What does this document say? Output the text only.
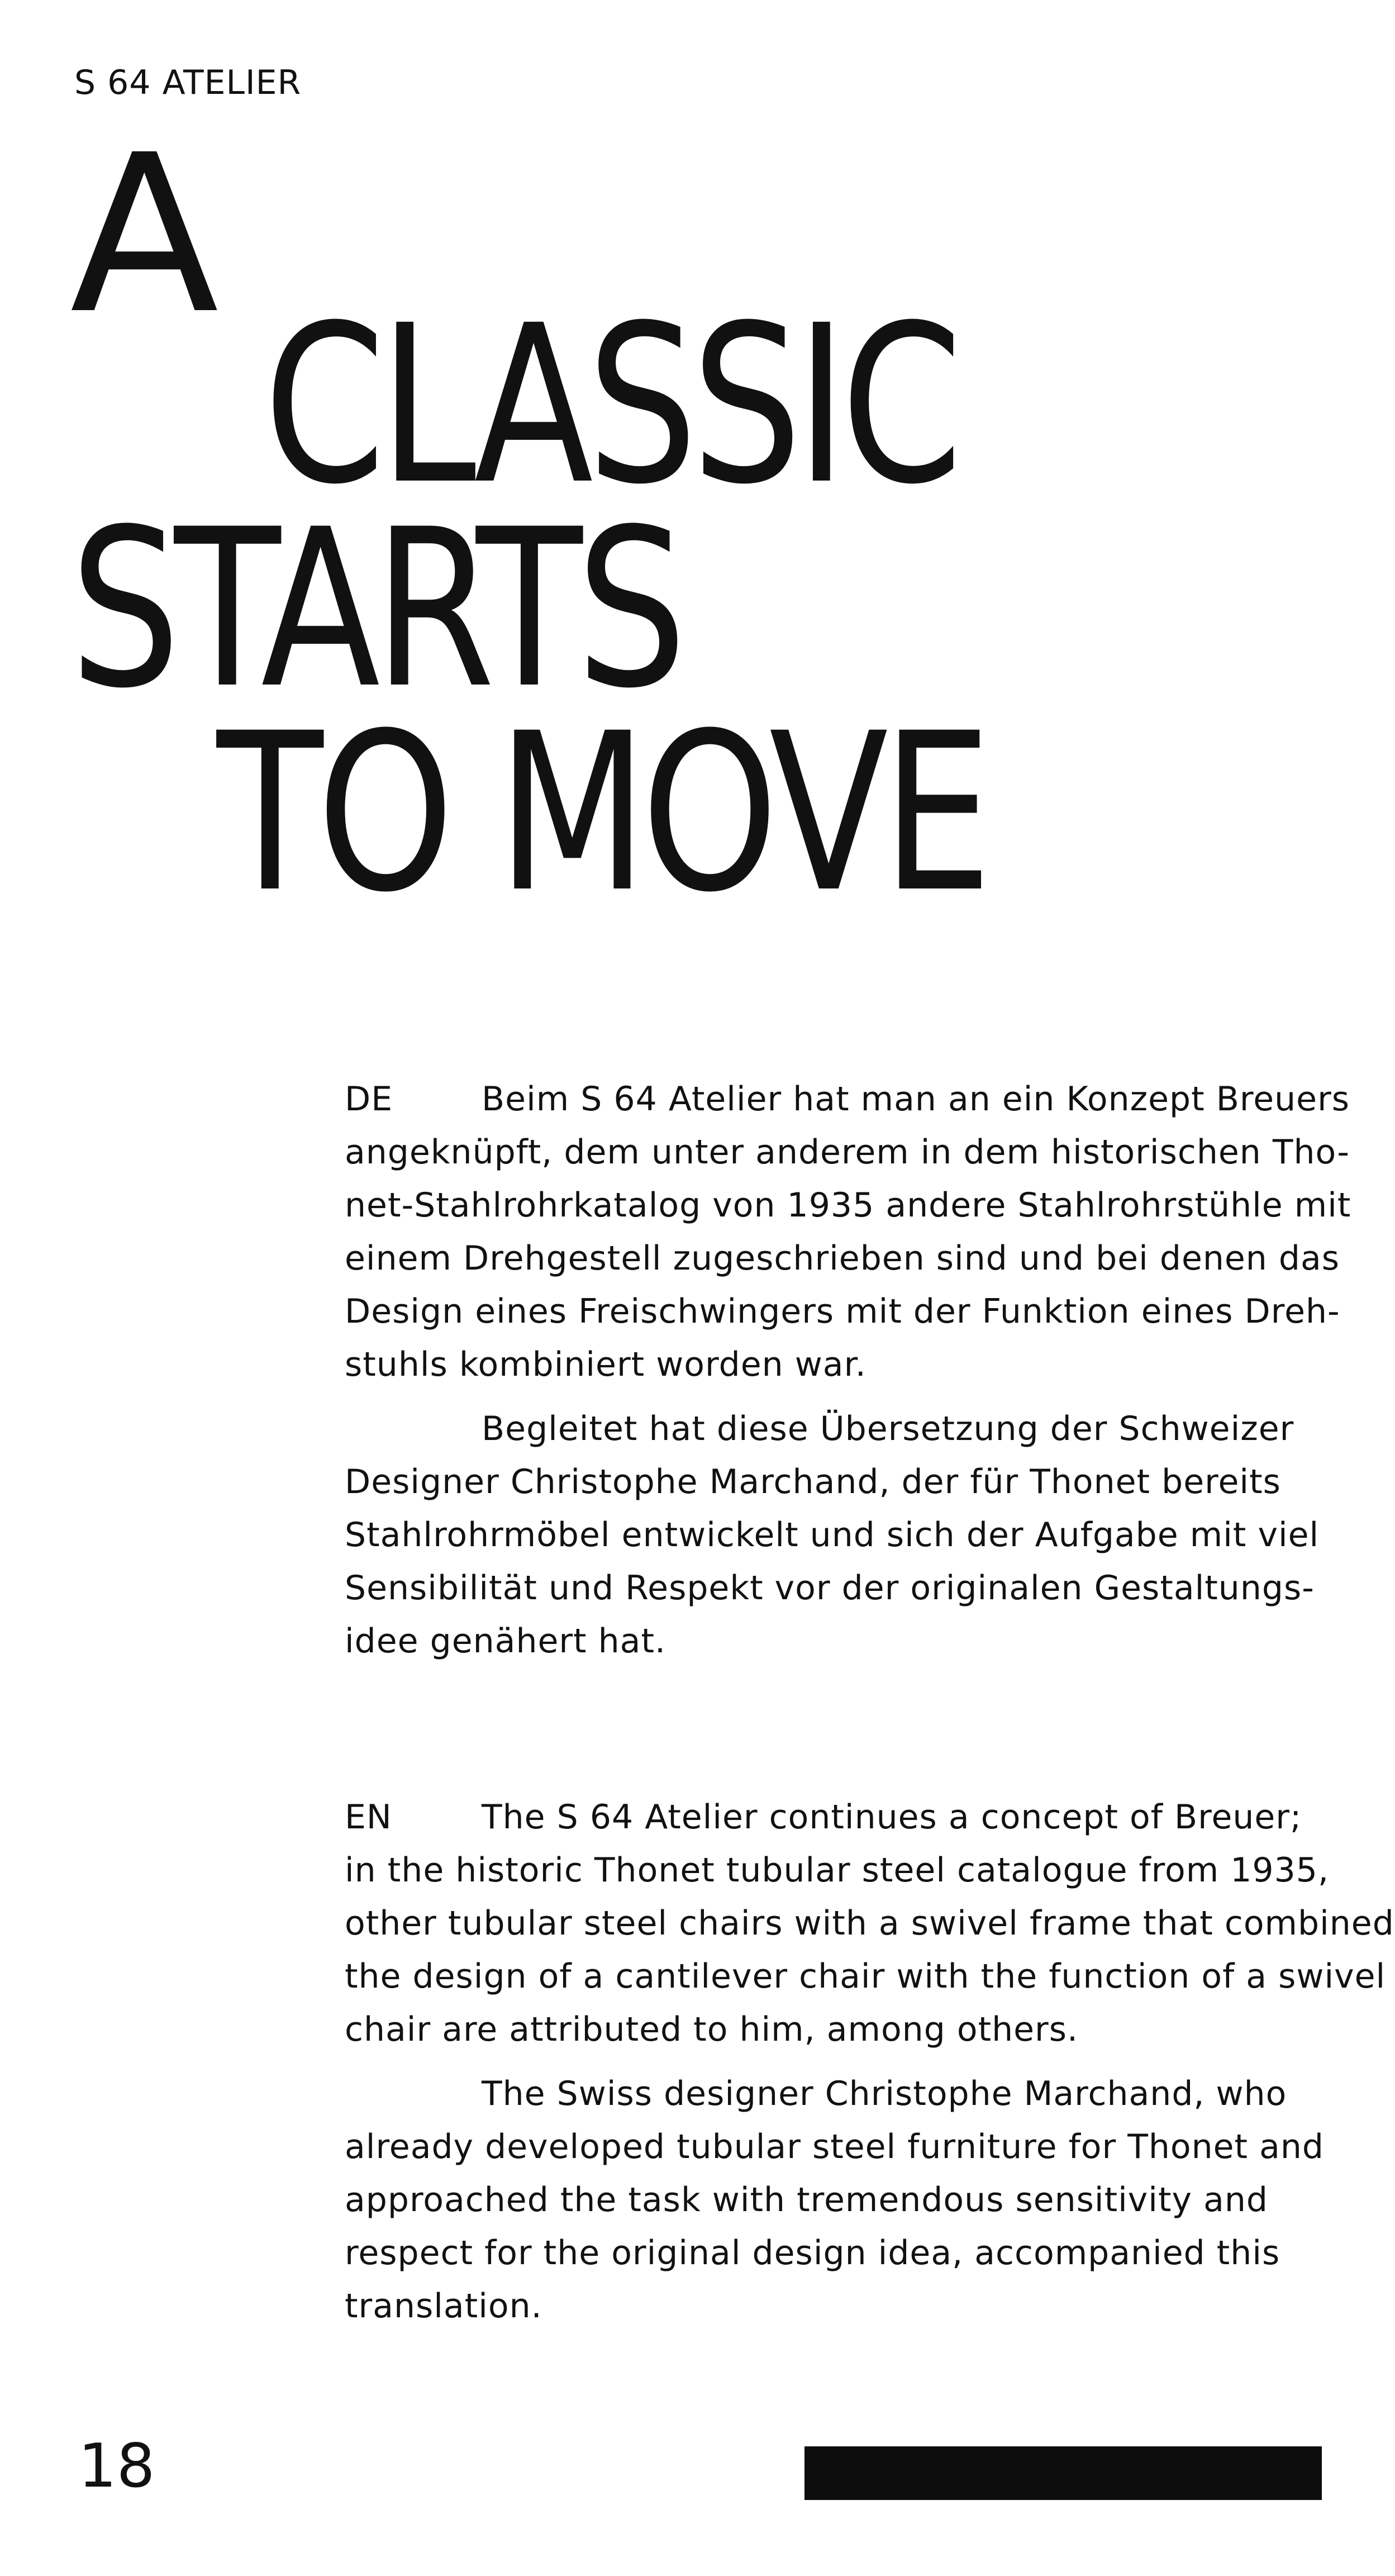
S 64 ATELIER
A
CLASSIC
STARTS
TO MOVE

DE	Beim S 64 Atelier hat man an ein Konzept Breuers
angeknüpft, dem unter anderem in dem historischen Tho-
net-Stahlrohrkatalog von 1935 andere Stahlrohrstühle mit
einem Drehgestell zugeschrieben sind und bei denen das
Design eines Freischwingers mit der Funktion eines Dreh-
stuhls kombiniert worden war.

Begleitet hat diese Übersetzung der Schweizer
Designer Christophe Marchand, der für Thonet bereits
Stahlrohrmöbel entwickelt und sich der Aufgabe mit viel
Sensibilität und Respekt vor der originalen Gestaltungs-
idee genähert hat.

EN	The S 64 Atelier continues a concept of Breuer;
in the historic Thonet tubular steel catalogue from 1935,
other tubular steel chairs with a swivel frame that combined
the design of a cantilever chair with the function of a swivel
chair are attributed to him, among others.

The Swiss designer Christophe Marchand, who
already developed tubular steel furniture for Thonet and
approached the task with tremendous sensitivity and
respect for the original design idea, accompanied this
translation.

18
